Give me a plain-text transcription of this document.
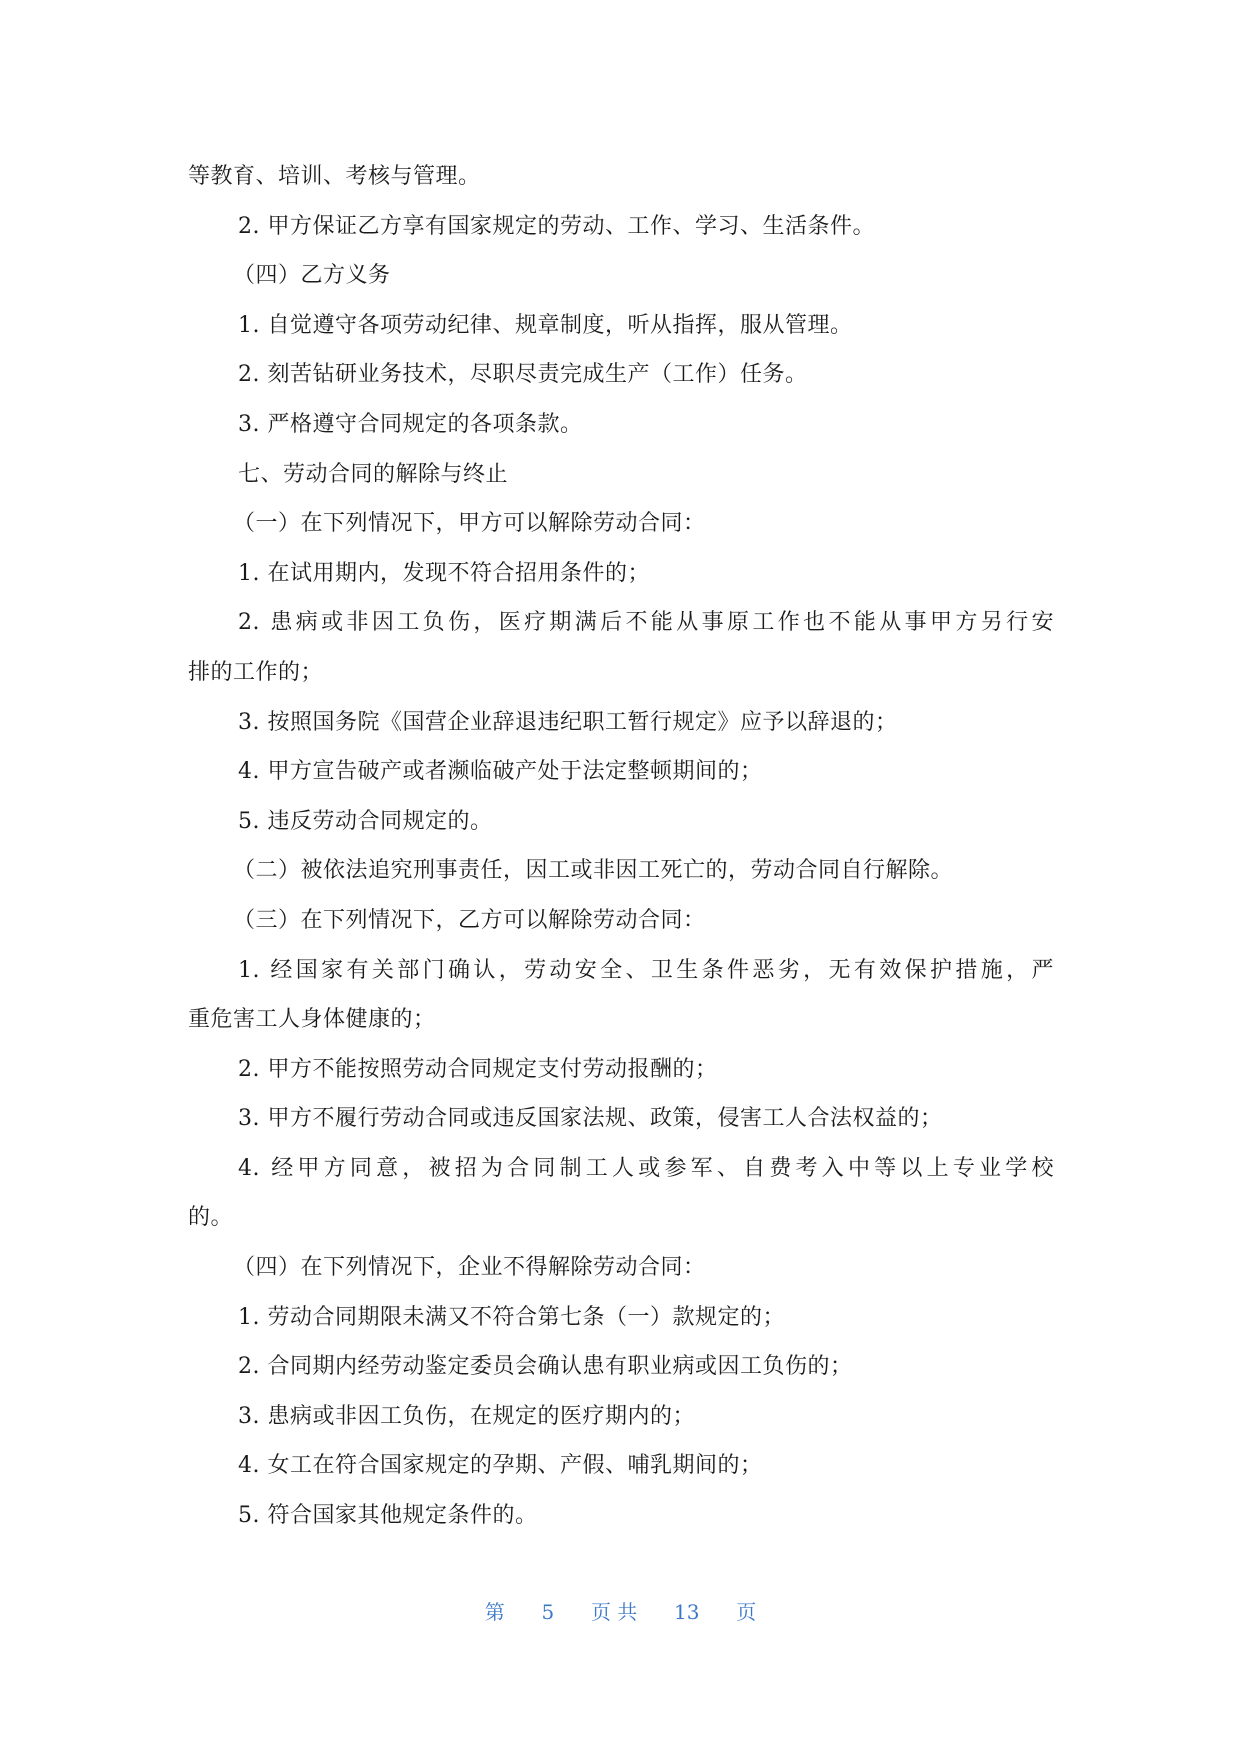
等教育、培训、考核与管理。
2. 甲方保证乙方享有国家规定的劳动、工作、学习、生活条件。
（四）乙方义务
1. 自觉遵守各项劳动纪律、规章制度，听从指挥，服从管理。
2. 刻苦钻研业务技术，尽职尽责完成生产（工作）任务。
3. 严格遵守合同规定的各项条款。
七、劳动合同的解除与终止
（一）在下列情况下，甲方可以解除劳动合同：
1. 在试用期内，发现不符合招用条件的；
2. 患病或非因工负伤，医疗期满后不能从事原工作也不能从事甲方另行安
排的工作的；
3. 按照国务院《国营企业辞退违纪职工暂行规定》应予以辞退的；
4. 甲方宣告破产或者濒临破产处于法定整顿期间的；
5. 违反劳动合同规定的。
（二）被依法追究刑事责任，因工或非因工死亡的，劳动合同自行解除。
（三）在下列情况下，乙方可以解除劳动合同：
1. 经国家有关部门确认，劳动安全、卫生条件恶劣，无有效保护措施，严
重危害工人身体健康的；
2. 甲方不能按照劳动合同规定支付劳动报酬的；
3. 甲方不履行劳动合同或违反国家法规、政策，侵害工人合法权益的；
4. 经甲方同意，被招为合同制工人或参军、自费考入中等以上专业学校
的。
（四）在下列情况下，企业不得解除劳动合同：
1. 劳动合同期限未满又不符合第七条（一）款规定的；
2. 合同期内经劳动鉴定委员会确认患有职业病或因工负伤的；
3. 患病或非因工负伤，在规定的医疗期内的；
4. 女工在符合国家规定的孕期、产假、哺乳期间的；
5. 符合国家其他规定条件的。
第 5 页 共 13 页
